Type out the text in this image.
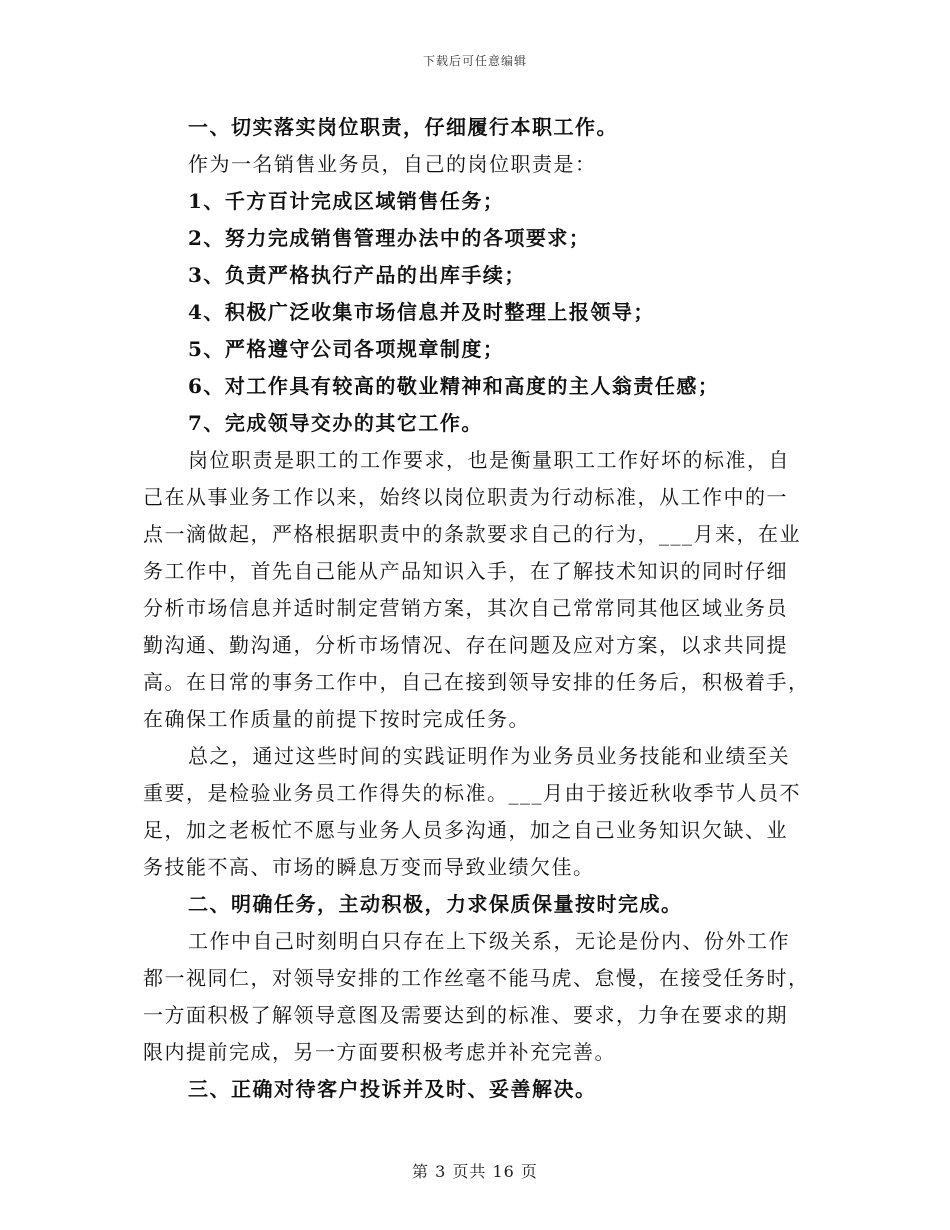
下载后可任意编辑
一、切实落实岗位职责，仔细履行本职工作。
作为一名销售业务员，自己的岗位职责是：
1、千方百计完成区域销售任务；
2、努力完成销售管理办法中的各项要求；
3、负责严格执行产品的出库手续；
4、积极广泛收集市场信息并及时整理上报领导；
5、严格遵守公司各项规章制度；
6、对工作具有较高的敬业精神和高度的主人翁责任感；
7、完成领导交办的其它工作。
岗位职责是职工的工作要求，也是衡量职工工作好坏的标准，自
己在从事业务工作以来，始终以岗位职责为行动标准，从工作中的一
点一滴做起，严格根据职责中的条款要求自己的行为，___月来，在业
务工作中，首先自己能从产品知识入手，在了解技术知识的同时仔细
分析市场信息并适时制定营销方案，其次自己常常同其他区域业务员
勤沟通、勤沟通，分析市场情况、存在问题及应对方案，以求共同提
高。在日常的事务工作中，自己在接到领导安排的任务后，积极着手，
在确保工作质量的前提下按时完成任务。
总之，通过这些时间的实践证明作为业务员业务技能和业绩至关
重要，是检验业务员工作得失的标准。___月由于接近秋收季节人员不
足，加之老板忙不愿与业务人员多沟通，加之自己业务知识欠缺、业
务技能不高、市场的瞬息万变而导致业绩欠佳。
二、明确任务，主动积极，力求保质保量按时完成。
工作中自己时刻明白只存在上下级关系，无论是份内、份外工作
都一视同仁，对领导安排的工作丝毫不能马虎、怠慢，在接受任务时，
一方面积极了解领导意图及需要达到的标准、要求，力争在要求的期
限内提前完成，另一方面要积极考虑并补充完善。
三、正确对待客户投诉并及时、妥善解决。
第 3 页共 16 页
